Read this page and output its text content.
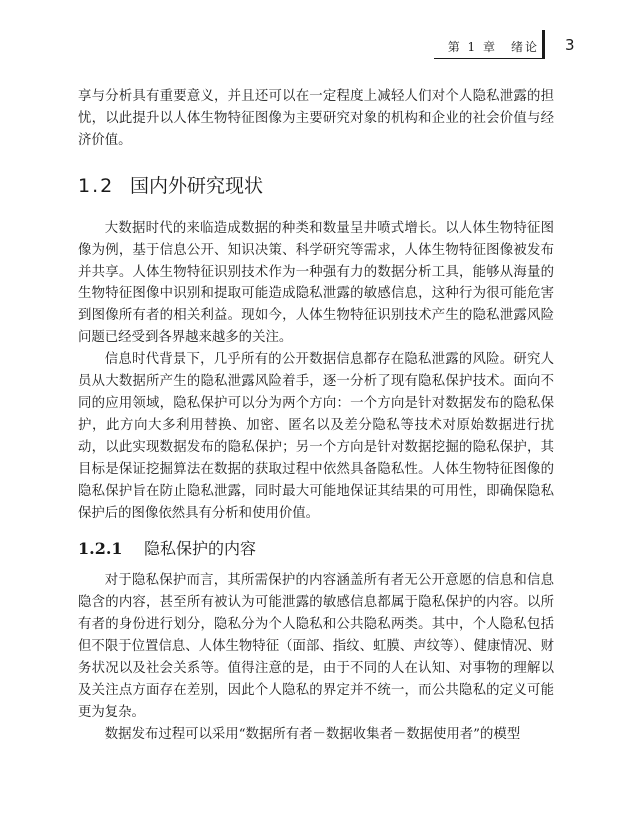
第 1 章　绪论 3

享与分析具有重要意义，并且还可以在一定程度上减轻人们对个人隐私泄露的担忧，以此提升以人体生物特征图像为主要研究对象的机构和企业的社会价值与经济价值。

1.2 国内外研究现状

大数据时代的来临造成数据的种类和数量呈井喷式增长。以人体生物特征图像为例，基于信息公开、知识决策、科学研究等需求，人体生物特征图像被发布并共享。人体生物特征识别技术作为一种强有力的数据分析工具，能够从海量的生物特征图像中识别和提取可能造成隐私泄露的敏感信息，这种行为很可能危害到图像所有者的相关利益。现如今，人体生物特征识别技术产生的隐私泄露风险问题已经受到各界越来越多的关注。

信息时代背景下，几乎所有的公开数据信息都存在隐私泄露的风险。研究人员从大数据所产生的隐私泄露风险着手，逐一分析了现有隐私保护技术。面向不同的应用领域，隐私保护可以分为两个方向：一个方向是针对数据发布的隐私保护，此方向大多利用替换、加密、匿名以及差分隐私等技术对原始数据进行扰动，以此实现数据发布的隐私保护；另一个方向是针对数据挖掘的隐私保护，其目标是保证挖掘算法在数据的获取过程中依然具备隐私性。人体生物特征图像的隐私保护旨在防止隐私泄露，同时最大可能地保证其结果的可用性，即确保隐私保护后的图像依然具有分析和使用价值。

1.2.1	隐私保护的内容

对于隐私保护而言，其所需保护的内容涵盖所有者无公开意愿的信息和信息隐含的内容，甚至所有被认为可能泄露的敏感信息都属于隐私保护的内容。以所有者的身份进行划分，隐私分为个人隐私和公共隐私两类。其中，个人隐私包括但不限于位置信息、人体生物特征（面部、指纹、虹膜、声纹等）、健康情况、财务状况以及社会关系等。值得注意的是，由于不同的人在认知、对事物的理解以及关注点方面存在差别，因此个人隐私的界定并不统一，而公共隐私的定义可能更为复杂。

数据发布过程可以采用“数据所有者－数据收集者－数据使用者”的模型
